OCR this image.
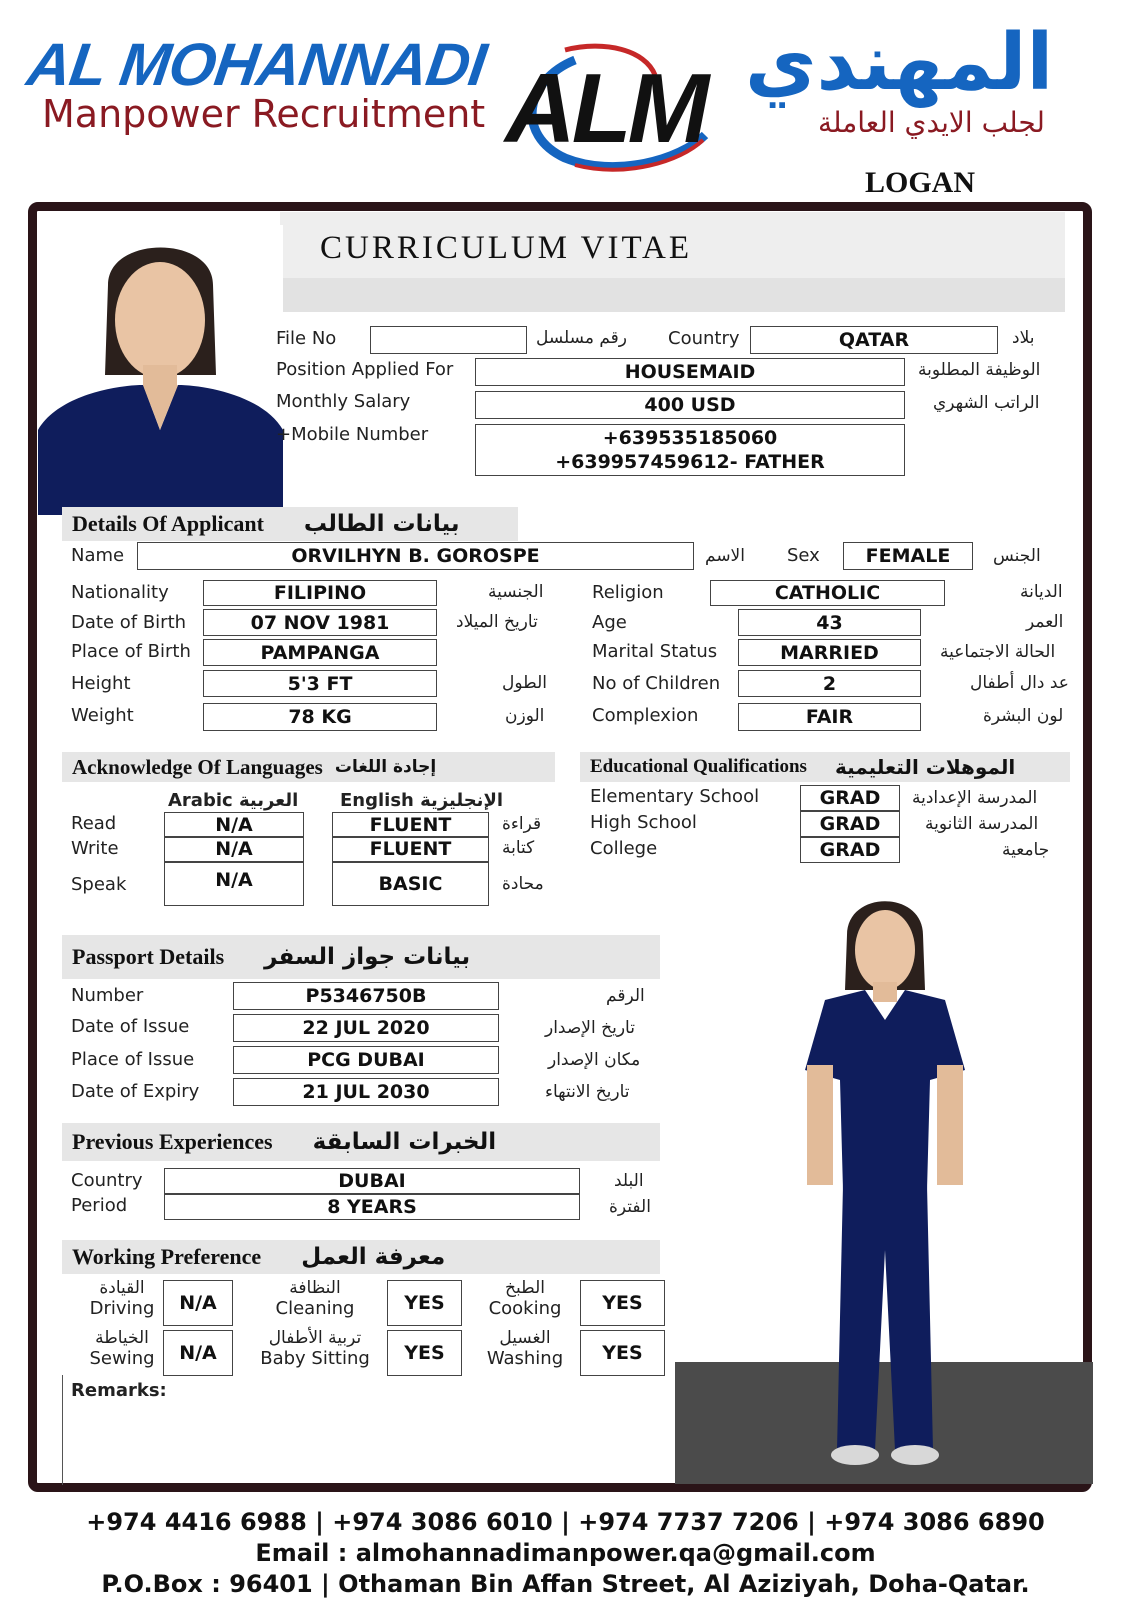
AL MOHANNADI
Manpower Recruitment ALM المهندي
لجلب الايدي العاملة
LOGAN
CURRICULUM VITAE
File No	رقم مسلسل Country	QATAR	بلاد
Position Applied For	HOUSEMAID	الوظيفة المطلوبة
Monthly Salary	400 USD	الراتب الشهري
+Mobile Number	+639535185060
+639957459612- FATHER
Details Of Applicant بيانات الطالب
Name	ORVILHYN B. GOROSPE	الاسم Sex	FEMALE	الجنس
Nationality	FILIPINO	الجنسية
Date of Birth	07 NOV 1981	تاريخ الميلاد
Place of Birth	PAMPANGA
Height	5'3 FT	الطول
Weight	78 KG	الوزن
Religion	CATHOLIC	الديانة
Age	43	العمر
Marital Status	MARRIED	الحالة الاجتماعية
No of Children	2	عد دال أطفال
Complexion	FAIR	لون البشرة
Acknowledge Of Languages إجادة اللغات
Arabic العربية English الإنجليزية
Read	N/A	FLUENT	قراءة
Write	N/A	FLUENT	كتابة
Speak	N/A	BASIC	محادة
Educational Qualifications الموهلات التعليمية
Elementary School	GRAD	المدرسة الإعدادية
High School	GRAD	المدرسة الثانوية
College	GRAD	جامعية
Passport Details بيانات جواز السفر
Number	P5346750B	الرقم
Date of Issue	22 JUL 2020	تاريخ الإصدار
Place of Issue	PCG DUBAI	مكان الإصدار
Date of Expiry	21 JUL 2030	تاريخ الانتهاء
Previous Experiences الخبرات السابقة
Country	DUBAI	البلد
Period	8 YEARS	الفترة
Working Preference معرفة العمل
القيادة
Driving	N/A
النظافة
Cleaning	YES
الطبخ
Cooking	YES
الخياطة
Sewing	N/A
تربية الأطفال
Baby Sitting	YES
الغسيل
Washing	YES
Remarks:
+974 4416 6988 | +974 3086 6010 | +974 7737 7206 | +974 3086 6890
Email : almohannadimanpower.qa@gmail.com
P.O.Box : 96401 | Othaman Bin Affan Street, Al Aziziyah, Doha-Qatar.
